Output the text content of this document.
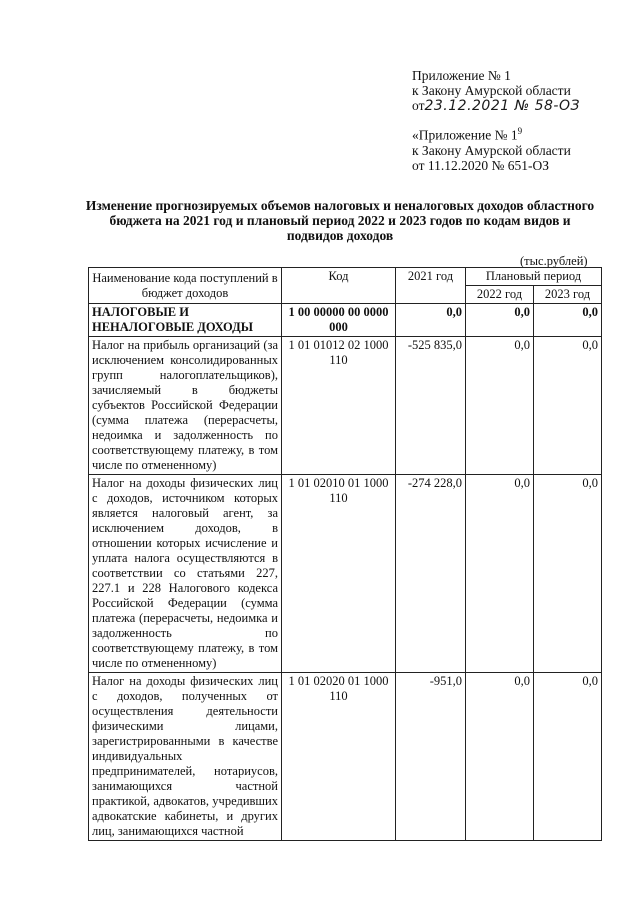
Приложение № 1
к Закону Амурской области
от23.12.2021 № 58-ОЗ
«Приложение № $1^9$
к Закону Амурской области
от 11.12.2020 № 651-ОЗ
Изменение прогнозируемых объемов налоговых и неналоговых доходов областного бюджета на 2021 год и плановый период 2022 и 2023 годов по кодам видов и подвидов доходов
(тыс.рублей)
Наименование кода поступлений в бюджет доходов	Код	2021 год	Плановый период	
			2022 год	2023 год
НАЛОГОВЫЕ И НЕНАЛОГОВЫЕ ДОХОДЫ	1 00 00000 00 0000 000	0,0	0,0	0,0
Налог на прибыль организаций (за исключением консолидированных групп налогоплательщиков), зачисляемый в бюджеты субъектов Российской Федерации (сумма платежа (перерасчеты, недоимка и задолженность по соответствующему платежу, в том числе по отмененному)	1 01 01012 02 1000 110	-525 835,0	0,0	0,0
Налог на доходы физических лиц с доходов, источником которых является налоговый агент, за исключением доходов, в отношении которых исчисление и уплата налога осуществляются в соответствии со статьями 227, 227.1 и 228 Налогового кодекса Российской Федерации (сумма платежа (перерасчеты, недоимка и задолженность по соответствующему платежу, в том числе по отмененному)	1 01 02010 01 1000 110	-274 228,0	0,0	0,0
Налог на доходы физических лиц с доходов, полученных от осуществления деятельности физическими лицами, зарегистрированными в качестве индивидуальных предпринимателей, нотариусов, занимающихся частной практикой, адвокатов, учредивших адвокатские кабинеты, и других лиц, занимающихся частной	1 01 02020 01 1000 110	-951,0	0,0	0,0
